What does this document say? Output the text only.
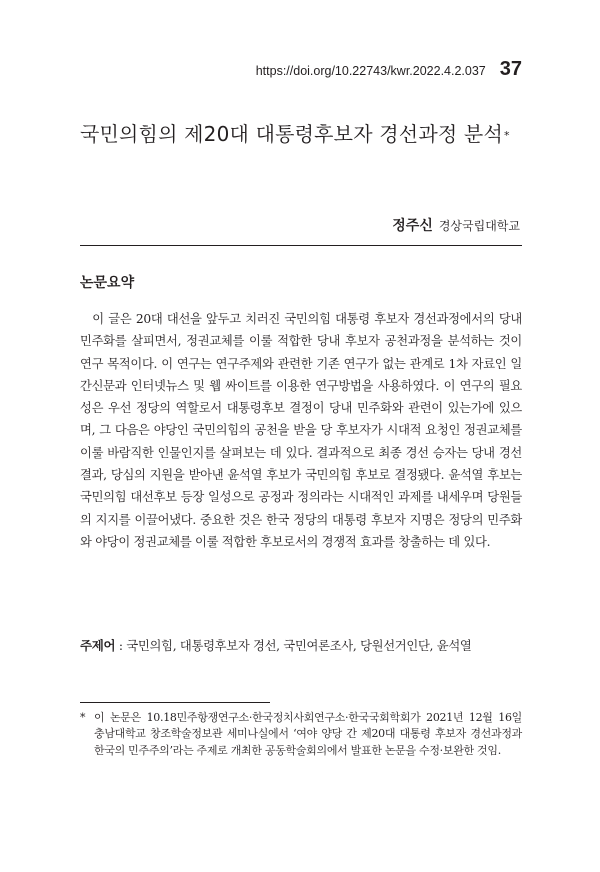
https://doi.org/10.22743/kwr.2022.4.2.037 37
국민의힘의 제20대 대통령후보자 경선과정 분석*
정주신 경상국립대학교
논문요약

이 글은 20대 대선을 앞두고 치러진 국민의힘 대통령 후보자 경선과정에서의 당내 민주화를 살피면서, 정권교체를 이룰 적합한 당내 후보자 공천과정을 분석하는 것이 연구 목적이다. 이 연구는 연구주제와 관련한 기존 연구가 없는 관계로 1차 자료인 일간신문과 인터넷뉴스 및 웹 싸이트를 이용한 연구방법을 사용하였다. 이 연구의 필요성은 우선 정당의 역할로서 대통령후보 결정이 당내 민주화와 관련이 있는가에 있으며, 그 다음은 야당인 국민의힘의 공천을 받을 당 후보자가 시대적 요청인 정권교체를 이룰 바람직한 인물인지를 살펴보는 데 있다. 결과적으로 최종 경선 승자는 당내 경선결과, 당심의 지원을 받아낸 윤석열 후보가 국민의힘 후보로 결정됐다. 윤석열 후보는 국민의힘 대선후보 등장 일성으로 공정과 정의라는 시대적인 과제를 내세우며 당원들의 지지를 이끌어냈다. 중요한 것은 한국 정당의 대통령 후보자 지명은 정당의 민주화와 야당이 정권교체를 이룰 적합한 후보로서의 경쟁적 효과를 창출하는 데 있다.

주제어 : 국민의힘, 대통령후보자 경선, 국민여론조사, 당원선거인단, 윤석열

* 이 논문은 10.18민주항쟁연구소·한국정치사회연구소·한국국회학회가 2021년 12월 16일 충남대학교 창조학술정보관 세미나실에서 ‘여야 양당 간 제20대 대통령 후보자 경선과정과 한국의 민주주의’라는 주제로 개최한 공동학술회의에서 발표한 논문을 수정·보완한 것임.
